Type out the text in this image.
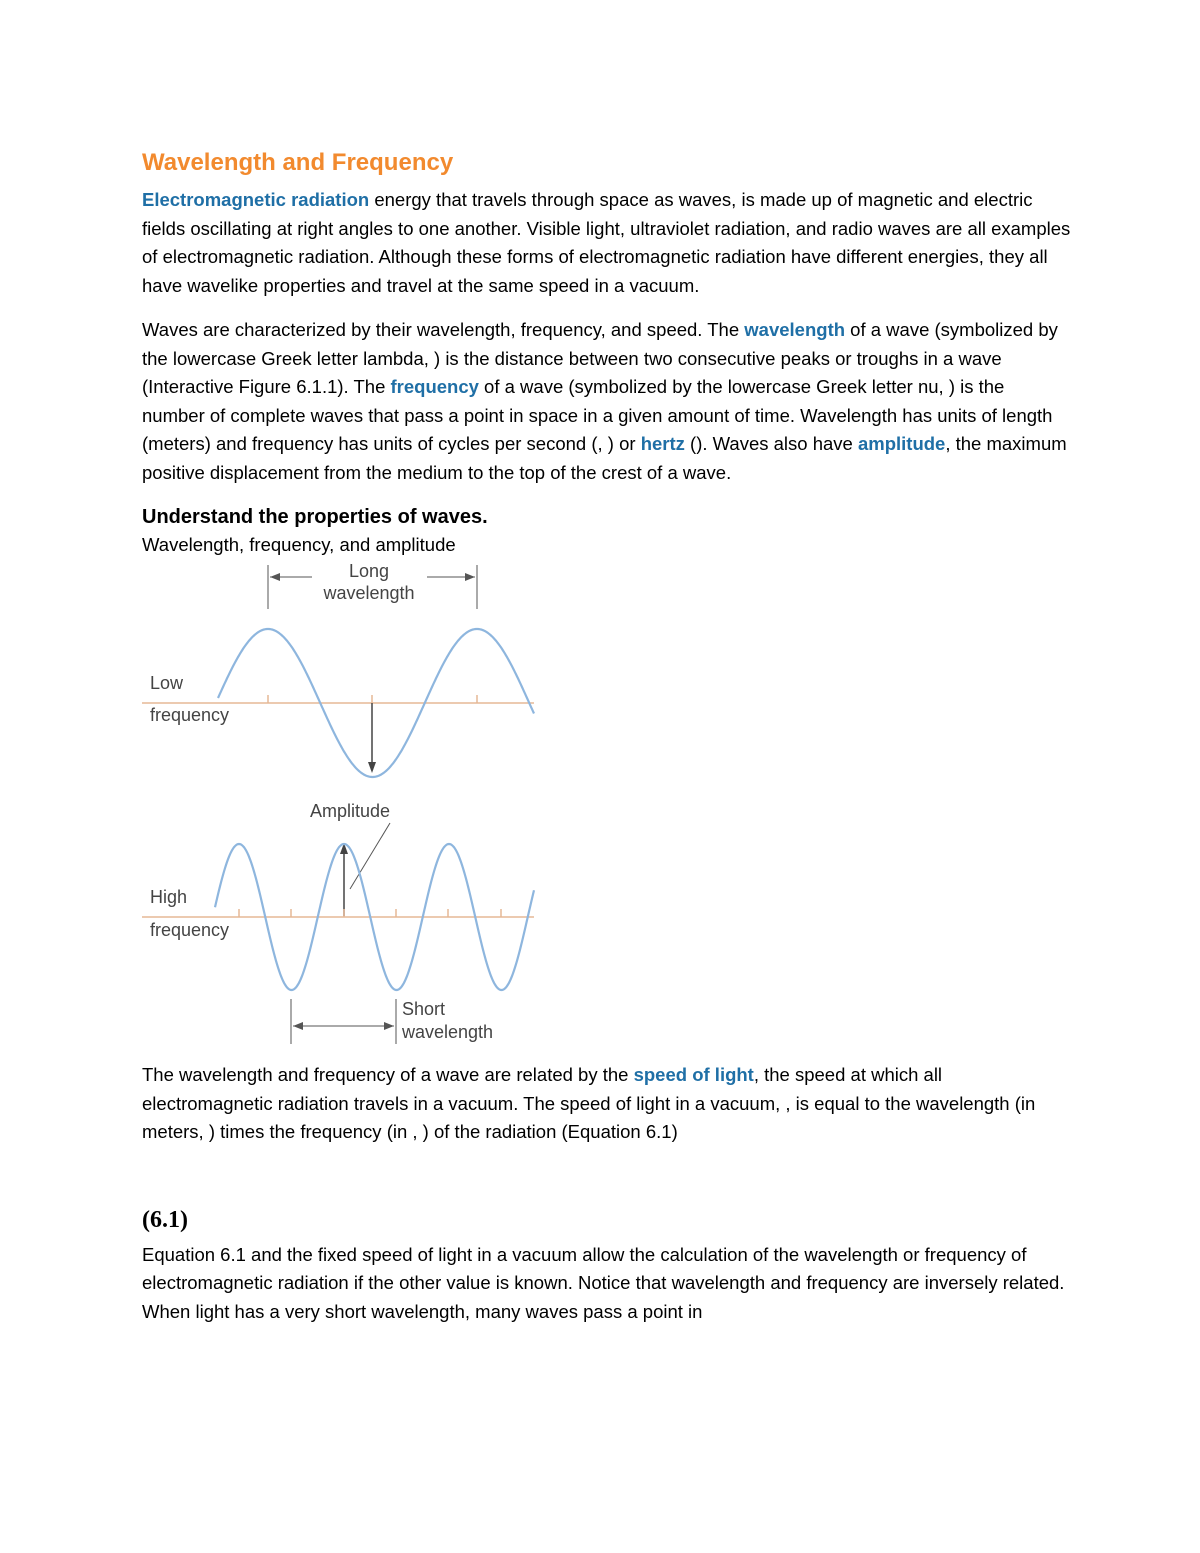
Wavelength and Frequency

Electromagnetic radiation energy that travels through space as waves, is made up of magnetic and electric fields oscillating at right angles to one another. Visible light, ultraviolet radiation, and radio waves are all examples of electromagnetic radiation. Although these forms of electromagnetic radiation have different energies, they all have wavelike properties and travel at the same speed in a vacuum.

Waves are characterized by their wavelength, frequency, and speed. The wavelength of a wave (symbolized by the lowercase Greek letter lambda, ) is the distance between two consecutive peaks or troughs in a wave (Interactive Figure 6.1.1). The frequency of a wave (symbolized by the lowercase Greek letter nu, ) is the number of complete waves that pass a point in space in a given amount of time. Wavelength has units of length (meters) and frequency has units of cycles per second (, ) or hertz (). Waves also have amplitude, the maximum positive displacement from the medium to the top of the crest of a wave.

Understand the properties of waves.

Wavelength, frequency, and amplitude

Long
wavelength
Low
frequency
Amplitude
High
frequency
Short
wavelength

The wavelength and frequency of a wave are related by the speed of light, the speed at which all electromagnetic radiation travels in a vacuum. The speed of light in a vacuum, , is equal to the wavelength (in meters, ) times the frequency (in , ) of the radiation (Equation 6.1)

(6.1)

Equation 6.1 and the fixed speed of light in a vacuum allow the calculation of the wavelength or frequency of electromagnetic radiation if the other value is known. Notice that wavelength and frequency are inversely related. When light has a very short wavelength, many waves pass a point in
